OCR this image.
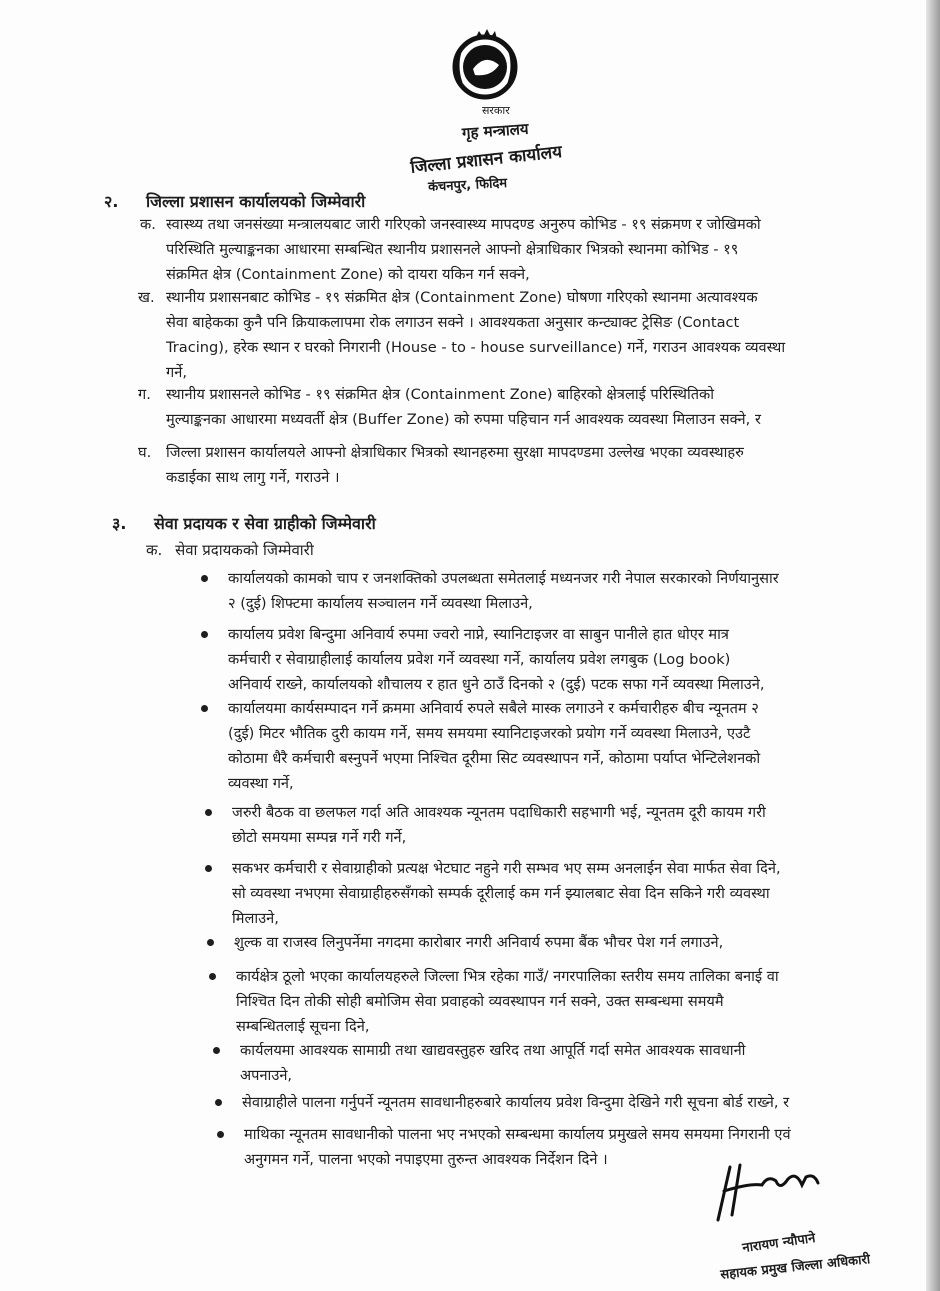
सरकार
गृह मन्त्रालय
जिल्ला प्रशासन कार्यालय
कंचनपुर, फिदिम
२. जिल्ला प्रशासन कार्यालयको जिम्मेवारी
क. स्वास्थ्य तथा जनसंख्या मन्त्रालयबाट जारी गरिएको जनस्वास्थ्य मापदण्ड अनुरुप कोभिड - १९ संक्रमण र जोखिमको
परिस्थिति मुल्याङ्कनका आधारमा सम्बन्धित स्थानीय प्रशासनले आफ्नो क्षेत्राधिकार भित्रको स्थानमा कोभिड - १९
संक्रमित क्षेत्र (Containment Zone) को दायरा यकिन गर्न सक्ने,
ख. स्थानीय प्रशासनबाट कोभिड - १९ संक्रमित क्षेत्र (Containment Zone) घोषणा गरिएको स्थानमा अत्यावश्यक
सेवा बाहेकका कुनै पनि क्रियाकलापमा रोक लगाउन सक्ने । आवश्यकता अनुसार कन्ट्याक्ट ट्रेसिङ (Contact
Tracing), हरेक स्थान र घरको निगरानी (House - to - house surveillance) गर्ने, गराउन आवश्यक व्यवस्था
गर्ने,
ग.	स्थानीय प्रशासनले कोभिड - १९ संक्रमित क्षेत्र (Containment Zone) बाहिरको क्षेत्रलाई परिस्थितिको
मुल्याङ्कनका आधारमा मध्यवर्ती क्षेत्र (Buffer Zone) को रुपमा पहिचान गर्न आवश्यक व्यवस्था मिलाउन सक्ने, र
घ.	जिल्ला प्रशासन कार्यालयले आफ्नो क्षेत्राधिकार भित्रको स्थानहरुमा सुरक्षा मापदण्डमा उल्लेख भएका व्यवस्थाहरु
कडाईका साथ लागु गर्ने, गराउने ।
३. सेवा प्रदायक र सेवा ग्राहीको जिम्मेवारी
क. सेवा प्रदायकको जिम्मेवारी
कार्यालयको कामको चाप र जनशक्तिको उपलब्धता समेतलाई मध्यनजर गरी नेपाल सरकारको निर्णयानुसार
२ (दुई) शिफ्टमा कार्यालय सञ्चालन गर्ने व्यवस्था मिलाउने,
कार्यालय प्रवेश बिन्दुमा अनिवार्य रुपमा ज्वरो नाप्ने, स्यानिटाइजर वा साबुन पानीले हात धोएर मात्र
कर्मचारी र सेवाग्राहीलाई कार्यालय प्रवेश गर्ने व्यवस्था गर्ने, कार्यालय प्रवेश लगबुक (Log book)
अनिवार्य राख्ने, कार्यालयको शौचालय र हात धुने ठाउँ दिनको २ (दुई) पटक सफा गर्ने व्यवस्था मिलाउने,
कार्यालयमा कार्यसम्पादन गर्ने क्रममा अनिवार्य रुपले सबैले मास्क लगाउने र कर्मचारीहरु बीच न्यूनतम २
(दुई) मिटर भौतिक दुरी कायम गर्ने, समय समयमा स्यानिटाइजरको प्रयोग गर्ने व्यवस्था मिलाउने, एउटै
कोठामा धैरै कर्मचारी बस्नुपर्ने भएमा निश्चित दूरीमा सिट व्यवस्थापन गर्ने, कोठामा पर्याप्त भेन्टिलेशनको
व्यवस्था गर्ने,
जरुरी बैठक वा छलफल गर्दा अति आवश्यक न्यूनतम पदाधिकारी सहभागी भई, न्यूनतम दूरी कायम गरी
छोटो समयमा सम्पन्न गर्ने गरी गर्ने,
सकभर कर्मचारी र सेवाग्राहीको प्रत्यक्ष भेटघाट नहुने गरी सम्भव भए सम्म अनलाईन सेवा मार्फत सेवा दिने,
सो व्यवस्था नभएमा सेवाग्राहीहरुसँगको सम्पर्क दूरीलाई कम गर्न झ्यालबाट सेवा दिन सकिने गरी व्यवस्था
मिलाउने,
शुल्क वा राजस्व लिनुपर्नेमा नगदमा कारोबार नगरी अनिवार्य रुपमा बैंक भौचर पेश गर्न लगाउने,
कार्यक्षेत्र ठूलो भएका कार्यालयहरुले जिल्ला भित्र रहेका गाउँ/ नगरपालिका स्तरीय समय तालिका बनाई वा
निश्चित दिन तोकी सोही बमोजिम सेवा प्रवाहको व्यवस्थापन गर्न सक्ने, उक्त सम्बन्धमा समयमै
सम्बन्धितलाई सूचना दिने,
कार्यलयमा आवश्यक सामाग्री तथा खाद्यवस्तुहरु खरिद तथा आपूर्ति गर्दा समेत आवश्यक सावधानी
अपनाउने,
सेवाग्राहीले पालना गर्नुपर्ने न्यूनतम सावधानीहरुबारे कार्यालय प्रवेश विन्दुमा देखिने गरी सूचना बोर्ड राख्ने, र
माथिका न्यूनतम सावधानीको पालना भए नभएको सम्बन्धमा कार्यालय प्रमुखले समय समयमा निगरानी एवं
अनुगमन गर्ने, पालना भएको नपाइएमा तुरुन्त आवश्यक निर्देशन दिने ।
नारायण न्यौपाने
सहायक प्रमुख जिल्ला अधिकारी
